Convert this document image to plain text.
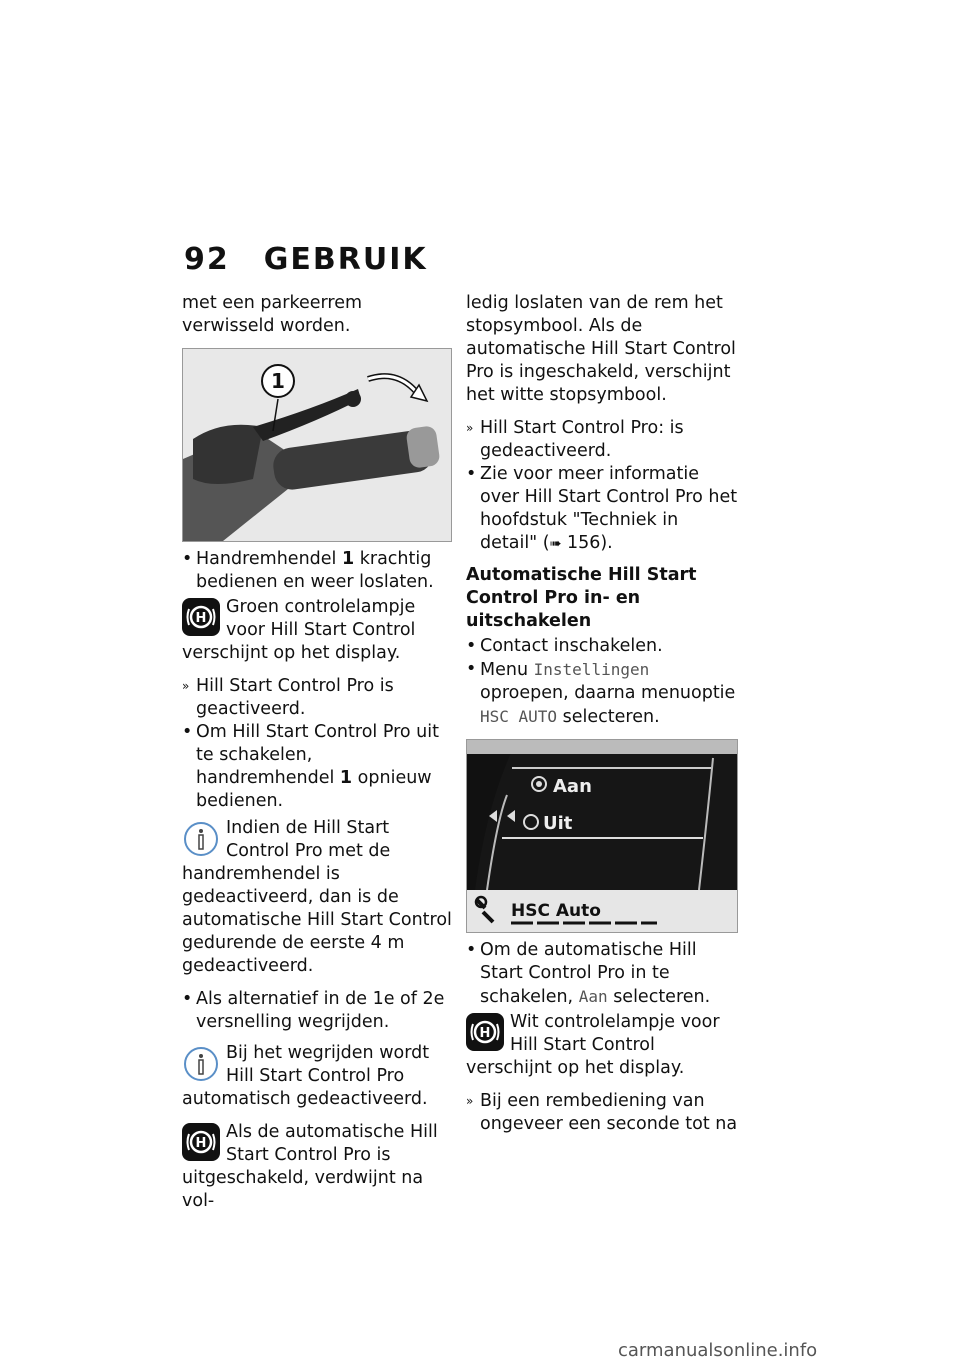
92 GEBRUIK

met een parkeerrem verwisseld worden.

1
• Handremhendel 1 krachtig bedienen en weer loslaten.

H
Groen controlelampje voor Hill Start Control verschijnt op het display.

» Hill Start Control Pro is geactiveerd.
• Om Hill Start Control Pro uit te schakelen, handremhendel 1 opnieuw bedienen.

Indien de Hill Start Control Pro met de handremhendel is gedeactiveerd, dan is de automatische Hill Start Control gedurende de eerste 4 m gedeactiveerd.

• Als alternatief in de 1e of 2e versnelling wegrijden.

Bij het wegrijden wordt Hill Start Control Pro automatisch gedeactiveerd.

H
Als de automatische Hill Start Control Pro is uitgeschakeld, verdwijnt na vol-

ledig loslaten van de rem het stopsymbool. Als de automatische Hill Start Control Pro is ingeschakeld, verschijnt het witte stopsymbool.

» Hill Start Control Pro: is gedeactiveerd.
• Zie voor meer informatie over Hill Start Control Pro het hoofdstuk "Techniek in detail" (➠ 156).
Automatische Hill Start Control Pro in- en uitschakelen
• Contact inschakelen.
• Menu Instellingen oproepen, daarna menuoptie HSC AUTO selecteren.
Aan
Uit
HSC Auto
• Om de automatische Hill Start Control Pro in te schakelen, Aan selecteren.

H
Wit controlelampje voor Hill Start Control verschijnt op het display.

» Bij een rembediening van ongeveer een seconde tot na
carmanualsonline.info
